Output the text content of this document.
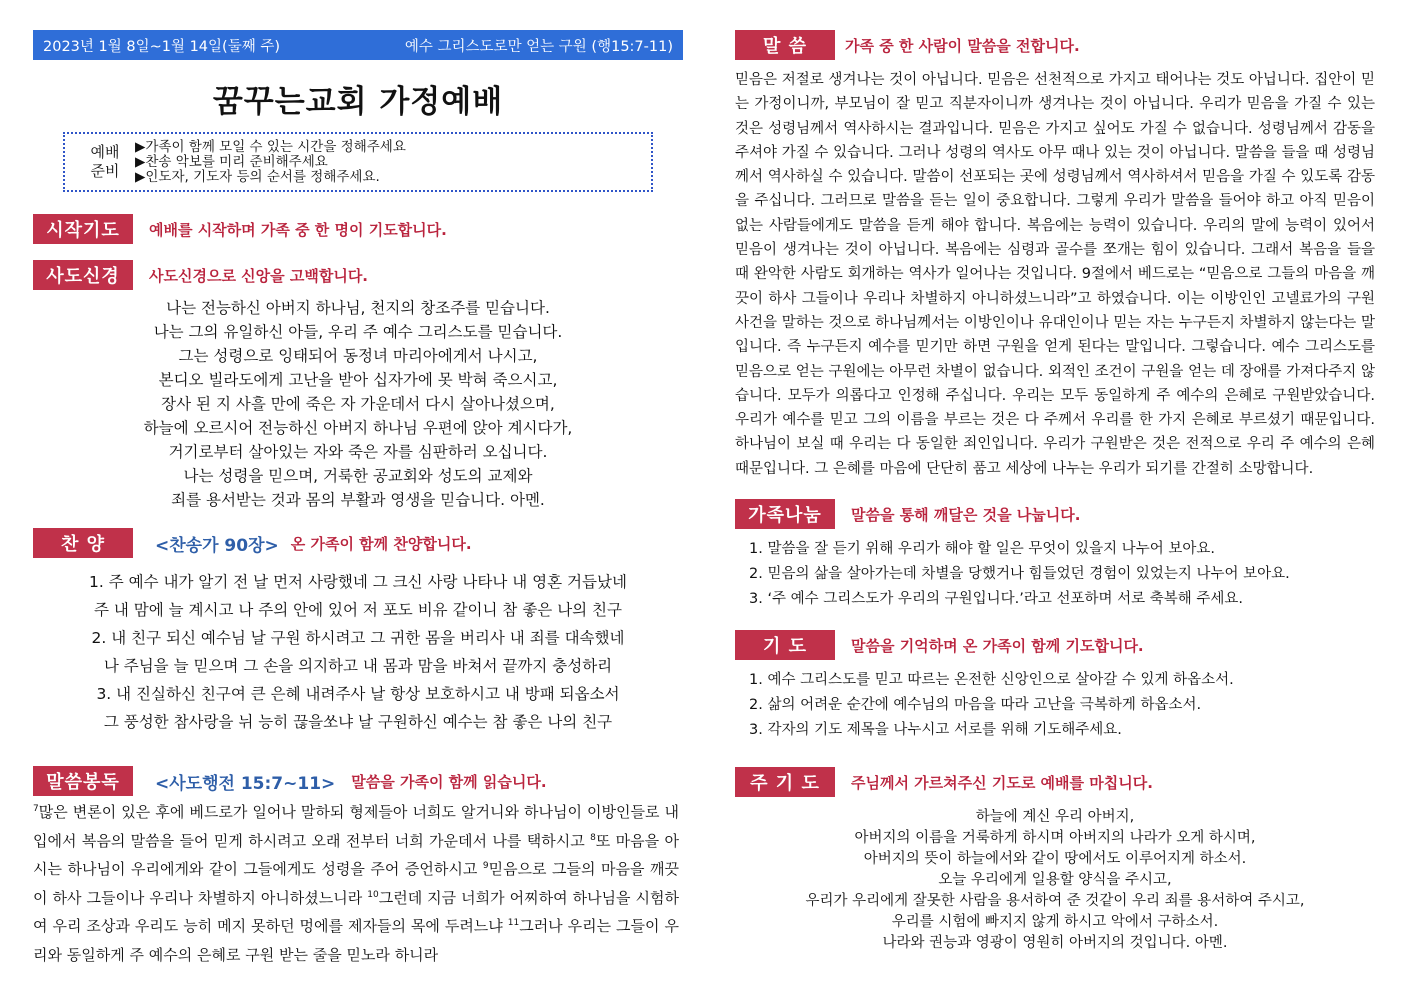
2023년 1월 8일~1월 14일(둘째 주)	예수 그리스도로만 얻는 구원 (행15:7-11)
꿈꾸는교회 가정예배
예배
준비
▶가족이 함께 모일 수 있는 시간을 정해주세요
▶찬송 악보를 미리 준비해주세요
▶인도자, 기도자 등의 순서를 정해주세요.
시작기도	예배를 시작하며 가족 중 한 명이 기도합니다.
사도신경	사도신경으로 신앙을 고백합니다.
나는 전능하신 아버지 하나님, 천지의 창조주를 믿습니다.
나는 그의 유일하신 아들, 우리 주 예수 그리스도를 믿습니다.
그는 성령으로 잉태되어 동정녀 마리아에게서 나시고,
본디오 빌라도에게 고난을 받아 십자가에 못 박혀 죽으시고,
장사 된 지 사흘 만에 죽은 자 가운데서 다시 살아나셨으며,
하늘에 오르시어 전능하신 아버지 하나님 우편에 앉아 계시다가,
거기로부터 살아있는 자와 죽은 자를 심판하러 오십니다.
나는 성령을 믿으며, 거룩한 공교회와 성도의 교제와
죄를 용서받는 것과 몸의 부활과 영생을 믿습니다. 아멘.
찬 양	<찬송가 90장> 온 가족이 함께 찬양합니다.
1. 주 예수 내가 알기 전 날 먼저 사랑했네 그 크신 사랑 나타나 내 영혼 거듭났네
주 내 맘에 늘 계시고 나 주의 안에 있어 저 포도 비유 같이니 참 좋은 나의 친구
2. 내 친구 되신 예수님 날 구원 하시려고 그 귀한 몸을 버리사 내 죄를 대속했네
나 주님을 늘 믿으며 그 손을 의지하고 내 몸과 맘을 바쳐서 끝까지 충성하리
3. 내 진실하신 친구여 큰 은혜 내려주사 날 항상 보호하시고 내 방패 되옵소서
그 풍성한 참사랑을 뉘 능히 끊을쏘냐 날 구원하신 예수는 참 좋은 나의 친구
말씀봉독	<사도행전 15:7~11> 말씀을 가족이 함께 읽습니다.
$^7$많은 변론이 있은 후에 베드로가 일어나 말하되 형제들아 너희도 알거니와 하나님이 이방인들로 내 입에서 복음의 말씀을 들어 믿게 하시려고 오래 전부터 너희 가운데서 나를 택하시고 $^8$또 마음을 아시는 하나님이 우리에게와 같이 그들에게도 성령을 주어 증언하시고 $^9$믿음으로 그들의 마음을 깨끗이 하사 그들이나 우리나 차별하지 아니하셨느니라 $^{10}$그런데 지금 너희가 어찌하여 하나님을 시험하여 우리 조상과 우리도 능히 메지 못하던 멍에를 제자들의 목에 두려느냐 $^{11}$그러나 우리는 그들이 우리와 동일하게 주 예수의 은혜로 구원 받는 줄을 믿노라 하니라
말 씀	가족 중 한 사람이 말씀을 전합니다.
믿음은 저절로 생겨나는 것이 아닙니다. 믿음은 선천적으로 가지고 태어나는 것도 아닙니다. 집안이 믿는 가정이니까, 부모님이 잘 믿고 직분자이니까 생겨나는 것이 아닙니다. 우리가 믿음을 가질 수 있는 것은 성령님께서 역사하시는 결과입니다. 믿음은 가지고 싶어도 가질 수 없습니다. 성령님께서 감동을 주셔야 가질 수 있습니다. 그러나 성령의 역사도 아무 때나 있는 것이 아닙니다. 말씀을 들을 때 성령님께서 역사하실 수 있습니다. 말씀이 선포되는 곳에 성령님께서 역사하셔서 믿음을 가질 수 있도록 감동을 주십니다. 그러므로 말씀을 듣는 일이 중요합니다. 그렇게 우리가 말씀을 들어야 하고 아직 믿음이 없는 사람들에게도 말씀을 듣게 해야 합니다. 복음에는 능력이 있습니다. 우리의 말에 능력이 있어서 믿음이 생겨나는 것이 아닙니다. 복음에는 심령과 골수를 쪼개는 힘이 있습니다. 그래서 복음을 들을 때 완악한 사람도 회개하는 역사가 일어나는 것입니다. 9절에서 베드로는 “믿음으로 그들의 마음을 깨끗이 하사 그들이나 우리나 차별하지 아니하셨느니라”고 하였습니다. 이는 이방인인 고넬료가의 구원 사건을 말하는 것으로 하나님께서는 이방인이나 유대인이나 믿는 자는 누구든지 차별하지 않는다는 말입니다. 즉 누구든지 예수를 믿기만 하면 구원을 얻게 된다는 말입니다. 그렇습니다. 예수 그리스도를 믿음으로 얻는 구원에는 아무런 차별이 없습니다. 외적인 조건이 구원을 얻는 데 장애를 가져다주지 않습니다. 모두가 의롭다고 인정해 주십니다. 우리는 모두 동일하게 주 예수의 은혜로 구원받았습니다. 우리가 예수를 믿고 그의 이름을 부르는 것은 다 주께서 우리를 한 가지 은혜로 부르셨기 때문입니다. 하나님이 보실 때 우리는 다 동일한 죄인입니다. 우리가 구원받은 것은 전적으로 우리 주 예수의 은혜 때문입니다. 그 은혜를 마음에 단단히 품고 세상에 나누는 우리가 되기를 간절히 소망합니다.
가족나눔	말씀을 통해 깨달은 것을 나눕니다.
1. 말씀을 잘 듣기 위해 우리가 해야 할 일은 무엇이 있을지 나누어 보아요.
2. 믿음의 삶을 살아가는데 차별을 당했거나 힘들었던 경험이 있었는지 나누어 보아요.
3. ‘주 예수 그리스도가 우리의 구원입니다.’라고 선포하며 서로 축복해 주세요.
기 도	말씀을 기억하며 온 가족이 함께 기도합니다.
1. 예수 그리스도를 믿고 따르는 온전한 신앙인으로 살아갈 수 있게 하옵소서.
2. 삶의 어려운 순간에 예수님의 마음을 따라 고난을 극복하게 하옵소서.
3. 각자의 기도 제목을 나누시고 서로를 위해 기도해주세요.
주 기 도	주님께서 가르쳐주신 기도로 예배를 마칩니다.
하늘에 계신 우리 아버지,
아버지의 이름을 거룩하게 하시며 아버지의 나라가 오게 하시며,
아버지의 뜻이 하늘에서와 같이 땅에서도 이루어지게 하소서.
오늘 우리에게 일용할 양식을 주시고,
우리가 우리에게 잘못한 사람을 용서하여 준 것같이 우리 죄를 용서하여 주시고,
우리를 시험에 빠지지 않게 하시고 악에서 구하소서.
나라와 권능과 영광이 영원히 아버지의 것입니다. 아멘.
